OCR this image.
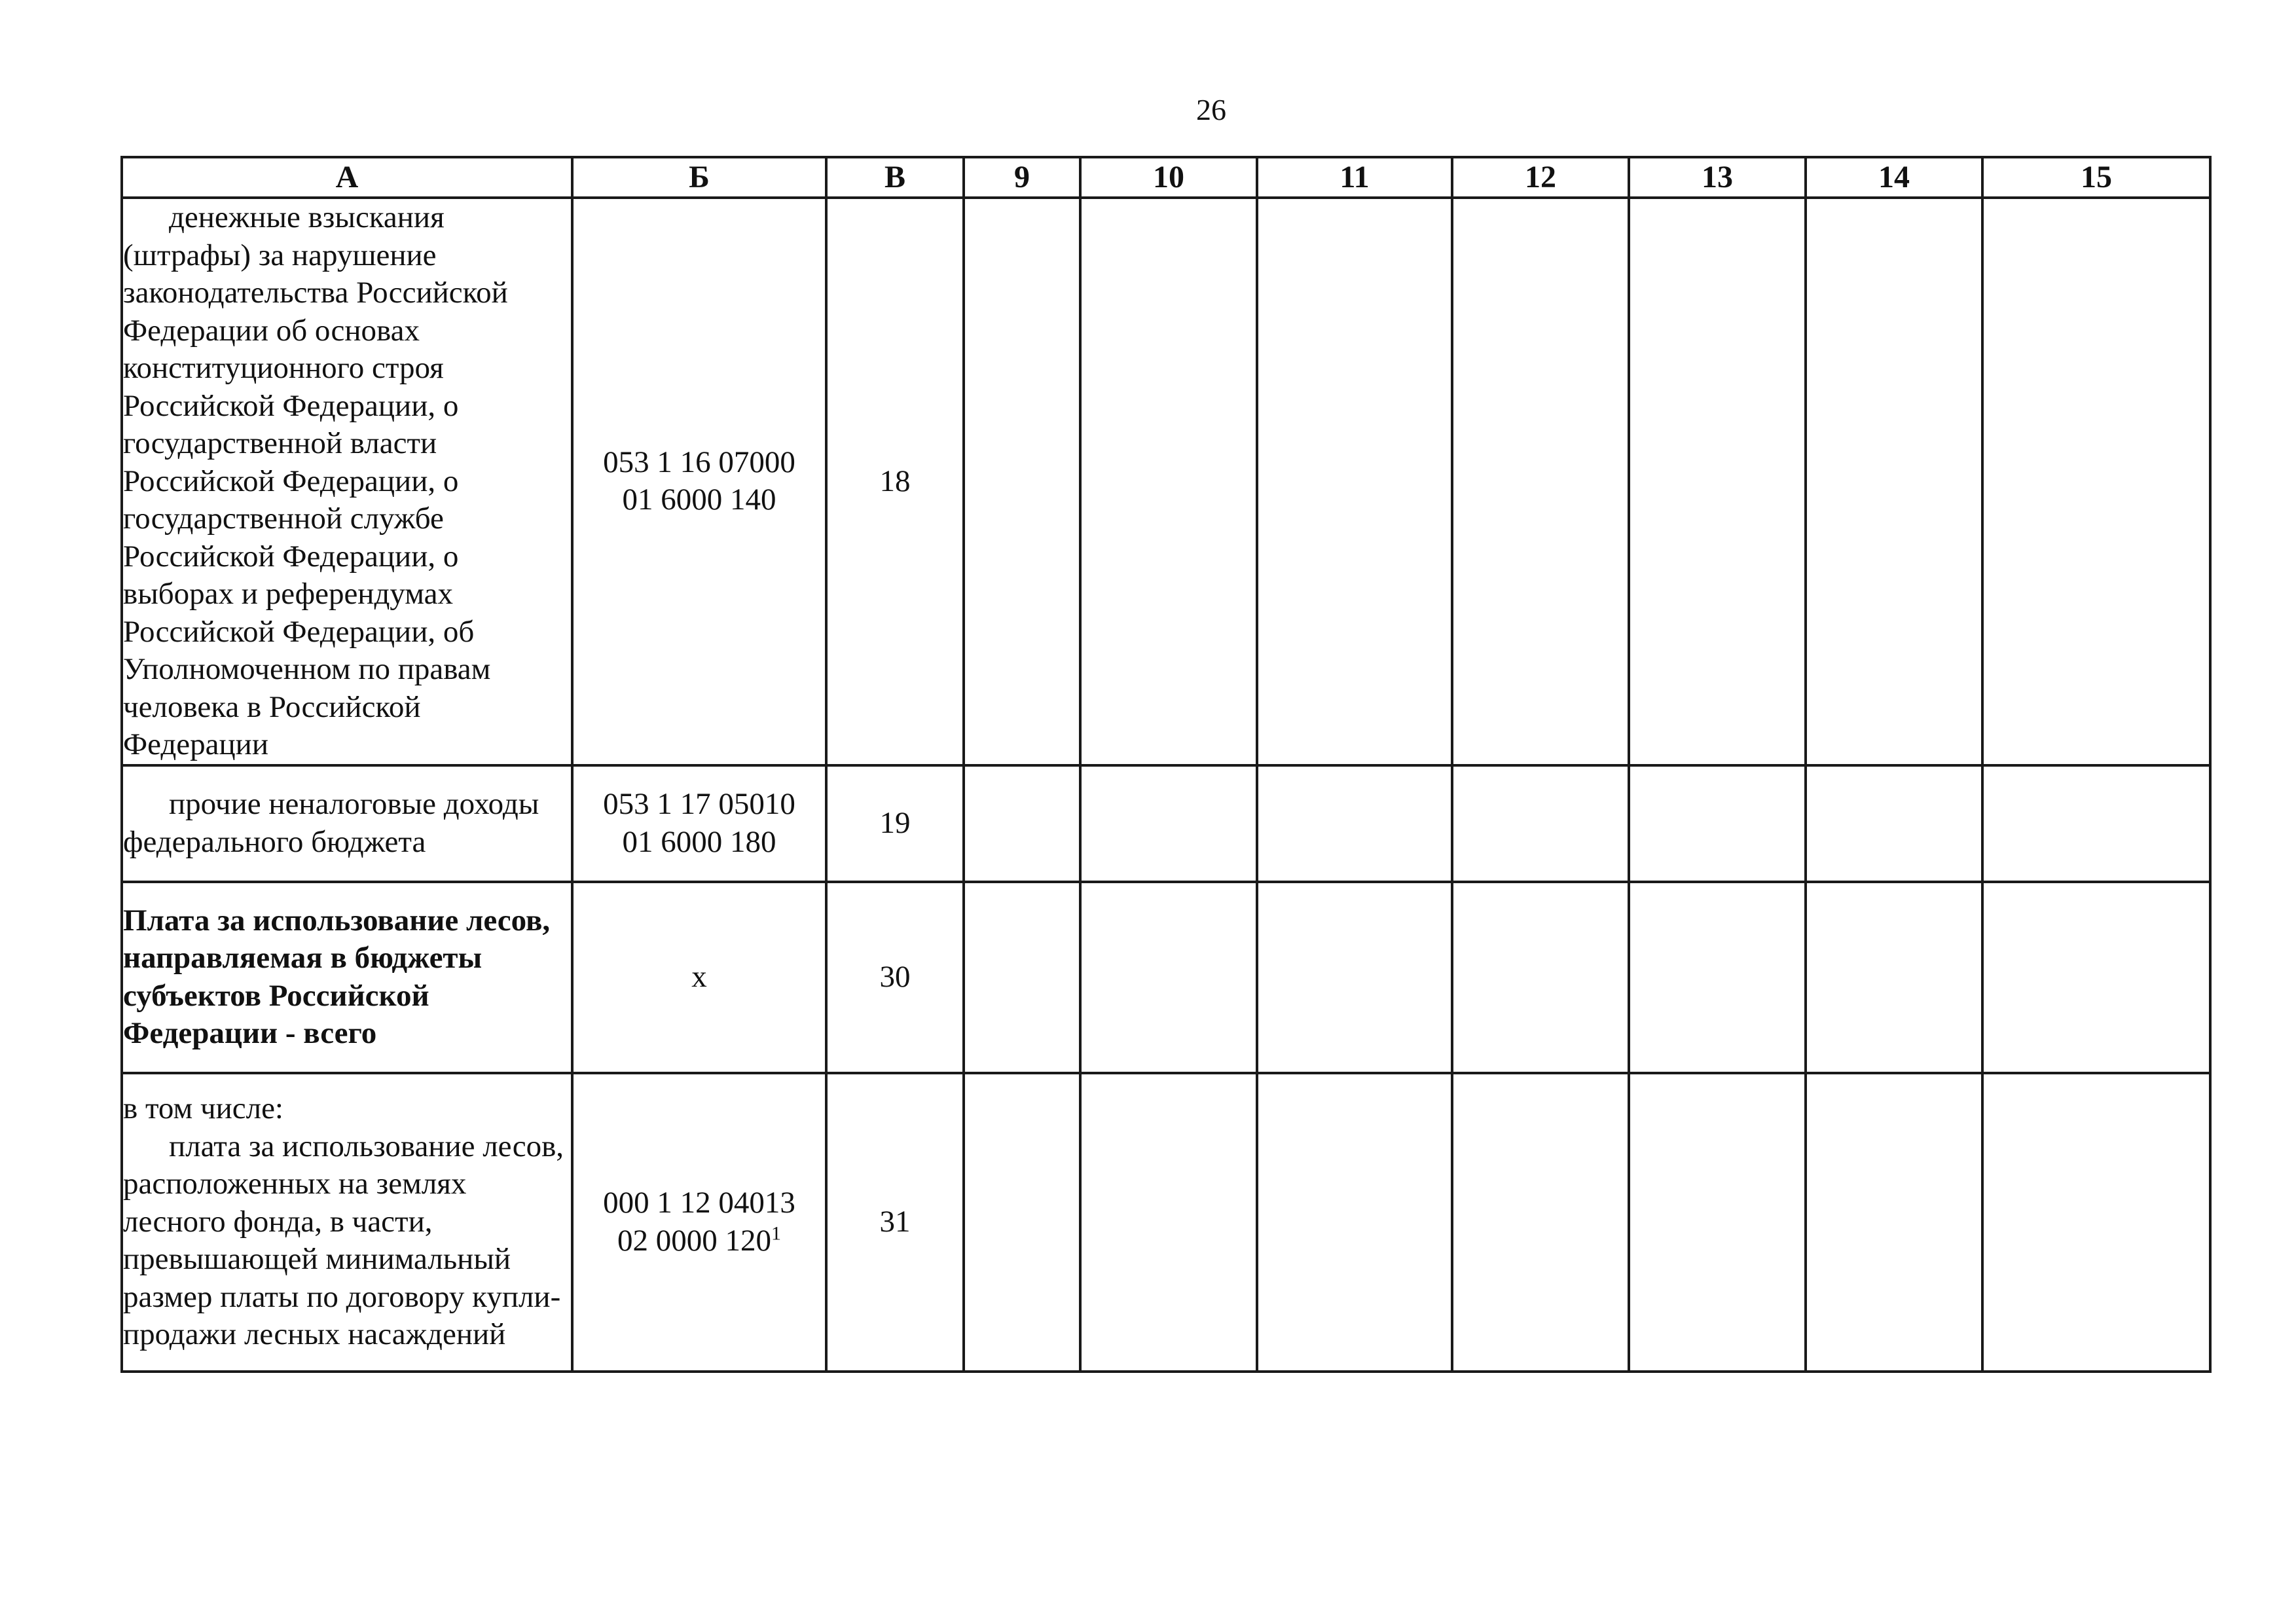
26
А	Б	В	9	10	11	12	13	14	15

денежные взыскания (штрафы) за нарушение законодательства Российской Федерации об основах конституционного строя Российской Федерации, о государственной власти Российской Федерации, о государственной службе Российской Федерации, о выборах и референдумах Российской Федерации, об Уполномоченном по правам человека в Российской Федерации	053 1 16 07000
01 6000 140	18							

прочие неналоговые доходы федерального бюджета	053 1 17 05010
01 6000 180	19							
Плата за использование лесов, направляемая в бюджеты субъектов Российской Федерации - всего	x	30							

в том числе:
плата за использование лесов, расположенных на землях лесного фонда, в части, превышающей минимальный размер платы по договору купли-продажи лесных насаждений	000 1 12 04013
02 0000 $120^1$	31							
